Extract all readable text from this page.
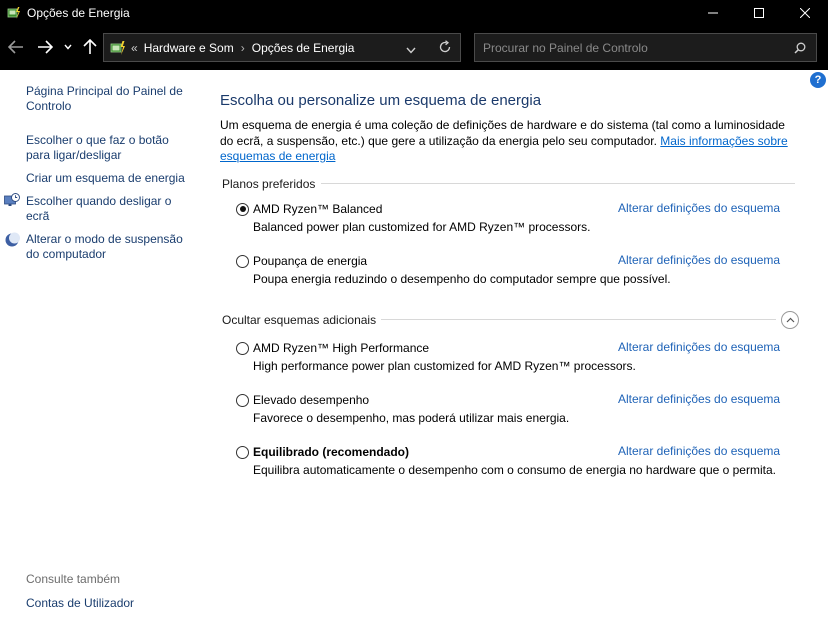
Opções de Energia
« Hardware e Som › Opções de Energia
Procurar no Painel de Controlo
Página Principal do Painel de Controlo
Escolher o que faz o botão para ligar/desligar
Criar um esquema de energia
Escolher quando desligar o ecrã
Alterar o modo de suspensão do computador
Consulte também
Contas de Utilizador
?
Escolha ou personalize um esquema de energia
Um esquema de energia é uma coleção de definições de hardware e do sistema (tal como a luminosidade do ecrã, a suspensão, etc.) que gere a utilização da energia pelo seu computador. Mais informações sobre esquemas de energia
Planos preferidos
AMD Ryzen™ Balanced
Balanced power plan customized for AMD Ryzen™ processors.
Alterar definições do esquema
Poupança de energia
Poupa energia reduzindo o desempenho do computador sempre que possível.
Alterar definições do esquema
Ocultar esquemas adicionais
AMD Ryzen™ High Performance
High performance power plan customized for AMD Ryzen™ processors.
Alterar definições do esquema
Elevado desempenho
Favorece o desempenho, mas poderá utilizar mais energia.
Alterar definições do esquema
Equilibrado (recomendado)
Equilibra automaticamente o desempenho com o consumo de energia no hardware que o permita.
Alterar definições do esquema
